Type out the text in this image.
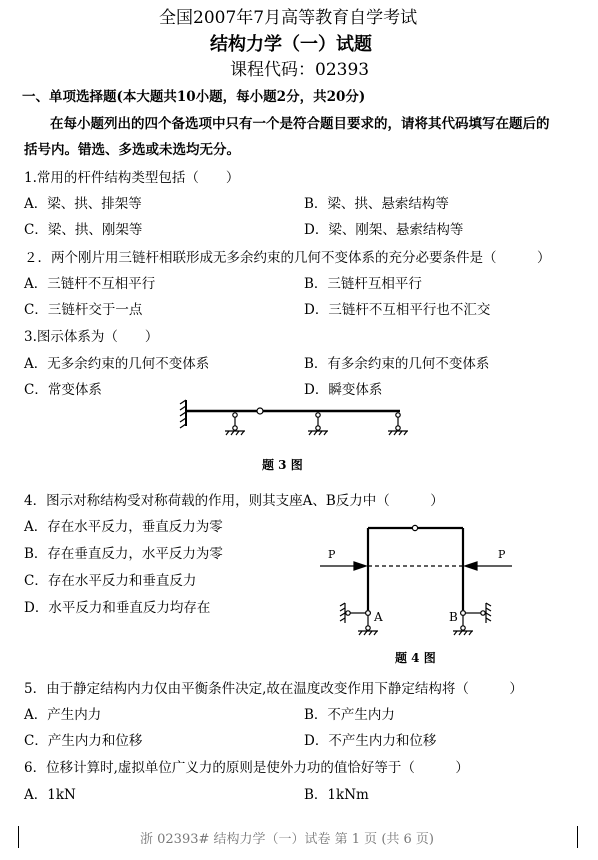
全国2007年7月高等教育自学考试
结构力学（一）试题
课程代码：02393
一、单项选择题(本大题共10小题，每小题2分，共20分)
在每小题列出的四个备选项中只有一个是符合题目要求的，请将其代码填写在题后的
括号内。错选、多选或未选均无分。
1.常用的杆件结构类型包括（　　）
A．梁、拱、排架等	B．梁、拱、悬索结构等
C．梁、拱、刚架等	D．梁、刚架、悬索结构等
２．两个刚片用三链杆相联形成无多余约束的几何不变体系的充分必要条件是（　　　）
A．三链杆不互相平行	B．三链杆互相平行
C．三链杆交于一点	D．三链杆不互相平行也不汇交
3.图示体系为（　　）
A．无多余约束的几何不变体系	B．有多余约束的几何不变体系
C．常变体系	D．瞬变体系
题 3 图
4．图示对称结构受对称荷载的作用，则其支座A、B反力中（　　　）
A．存在水平反力，垂直反力为零
B．存在垂直反力，水平反力为零
C．存在水平反力和垂直反力
D．水平反力和垂直反力均存在
P	P
A	B
题 4 图
5．由于静定结构内力仅由平衡条件决定,故在温度改变作用下静定结构将（　　　）
A．产生内力	B．不产生内力
C．产生内力和位移	D．不产生内力和位移
6．位移计算时,虚拟单位广义力的原则是使外力功的值恰好等于（　　　）
A．1kN	B．1kNm
浙 02393# 结构力学（一）试卷 第 1 页 (共 6 页)
